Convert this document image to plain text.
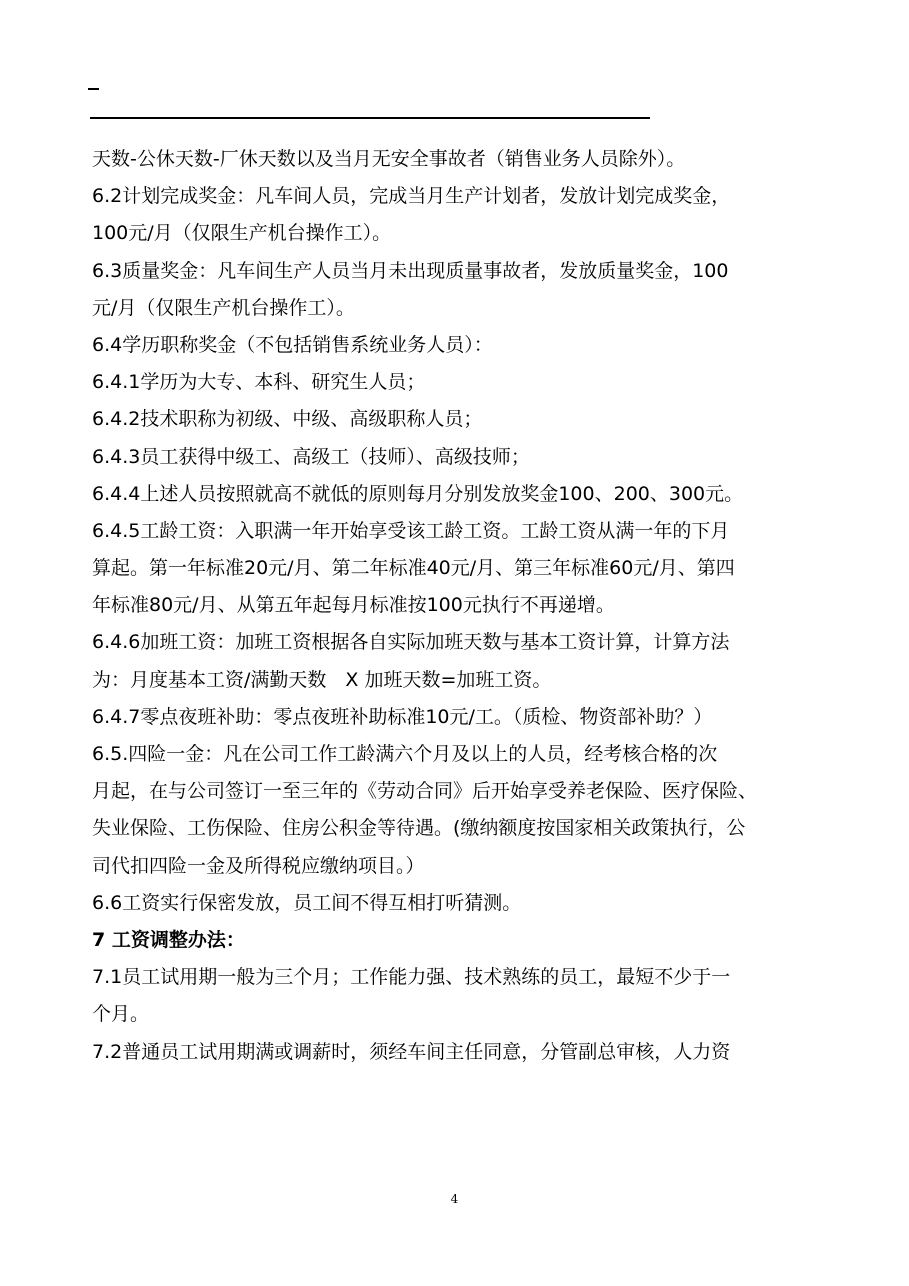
天数-公休天数-厂休天数以及当月无安全事故者（销售业务人员除外）。
6.2计划完成奖金：凡车间人员，完成当月生产计划者，发放计划完成奖金，
100元/月（仅限生产机台操作工）。
6.3质量奖金：凡车间生产人员当月未出现质量事故者，发放质量奖金，100
元/月（仅限生产机台操作工）。
6.4学历职称奖金（不包括销售系统业务人员）：
6.4.1学历为大专、本科、研究生人员；
6.4.2技术职称为初级、中级、高级职称人员；
6.4.3员工获得中级工、高级工（技师）、高级技师；
6.4.4上述人员按照就高不就低的原则每月分别发放奖金100、200、300元。
6.4.5工龄工资：入职满一年开始享受该工龄工资。工龄工资从满一年的下月
算起。第一年标准20元/月、第二年标准40元/月、第三年标准60元/月、第四
年标准80元/月、从第五年起每月标准按100元执行不再递增。
6.4.6加班工资：加班工资根据各自实际加班天数与基本工资计算，计算方法
为：月度基本工资/满勤天数　X 加班天数=加班工资。
6.4.7零点夜班补助：零点夜班补助标准10元/工。（质检、物资部补助？）
6.5.四险一金：凡在公司工作工龄满六个月及以上的人员，经考核合格的次
月起，在与公司签订一至三年的《劳动合同》后开始享受养老保险、医疗保险、
失业保险、工伤保险、住房公积金等待遇。(缴纳额度按国家相关政策执行，公
司代扣四险一金及所得税应缴纳项目。）
6.6工资实行保密发放，员工间不得互相打听猜测。
7 工资调整办法：
7.1员工试用期一般为三个月；工作能力强、技术熟练的员工，最短不少于一
个月。
7.2普通员工试用期满或调薪时，须经车间主任同意，分管副总审核，人力资
4
